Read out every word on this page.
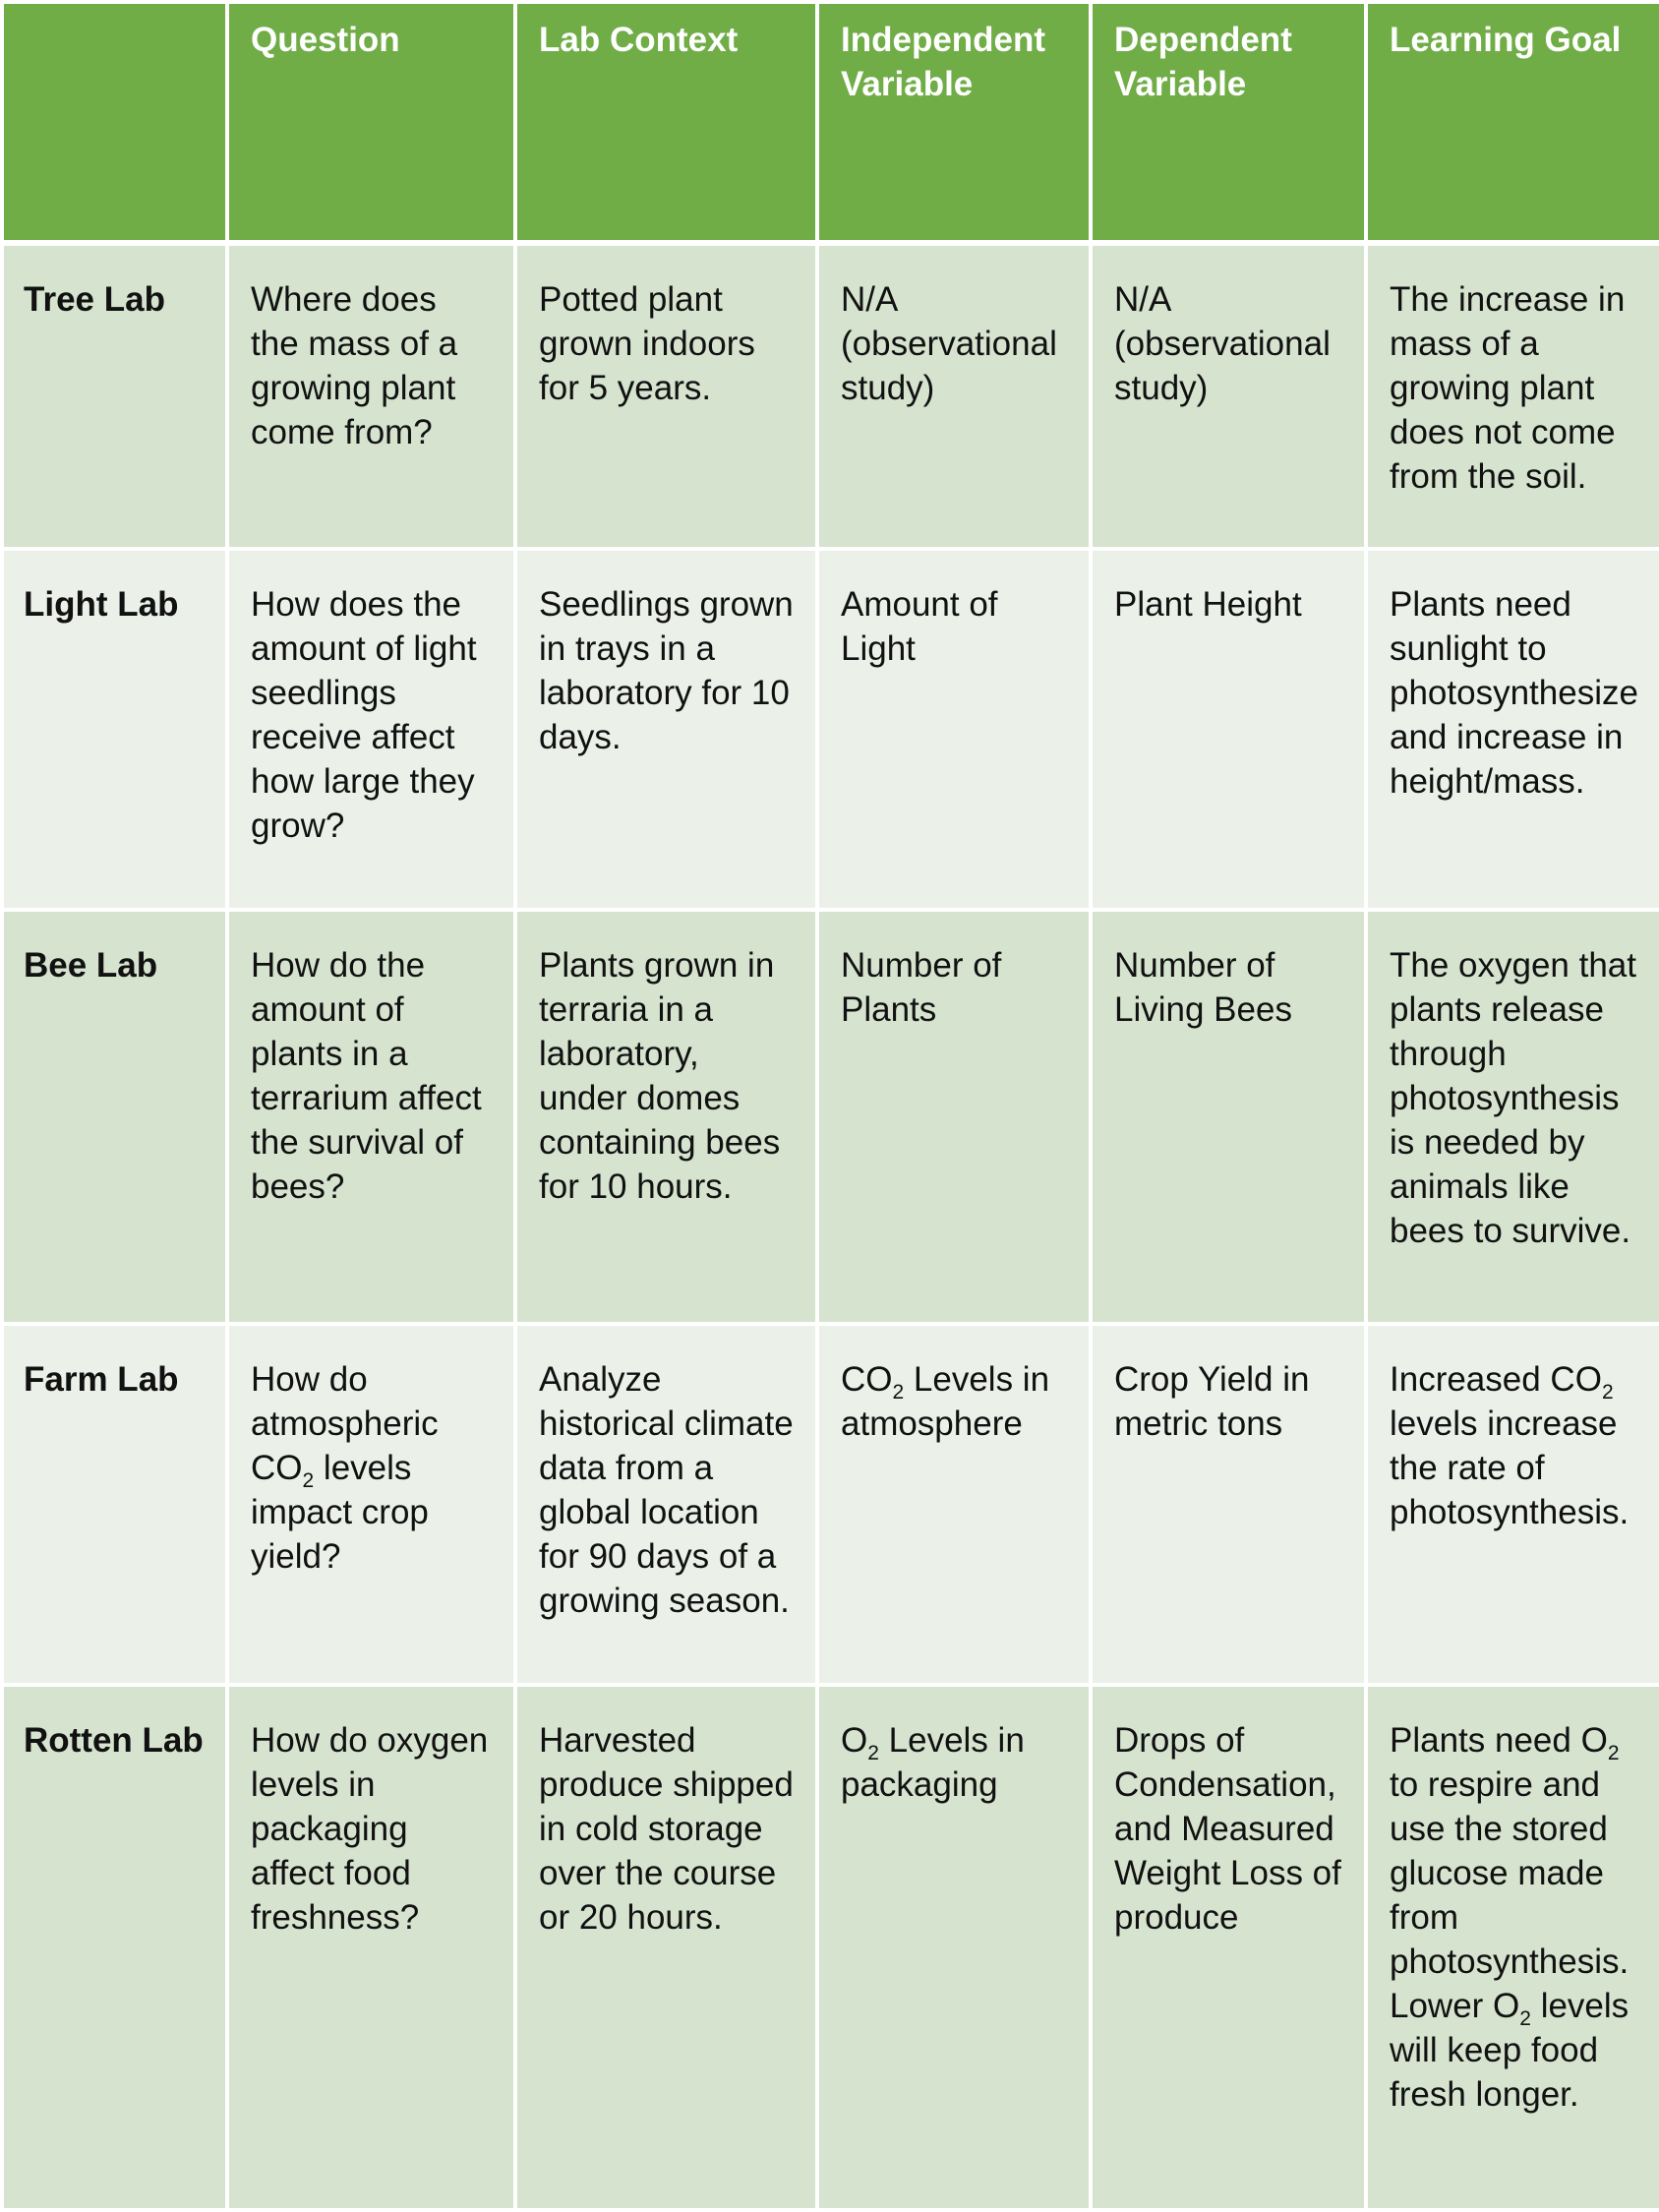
	Question	Lab Context	Independent Variable	Dependent Variable	Learning Goal
Tree Lab	Where does the mass of a growing plant come from?	Potted plant grown indoors for 5 years.	N/A (observational study)	N/A (observational study)	The increase in mass of a growing plant does not come from the soil.
Light Lab	How does the amount of light seedlings receive affect how large they grow?	Seedlings grown in trays in a laboratory for 10 days.	Amount of Light	Plant Height	Plants need sunlight to photosynthesize and increase in height/mass.
Bee Lab	How do the amount of plants in a terrarium affect the survival of bees?	Plants grown in terraria in a laboratory, under domes containing bees for 10 hours.	Number of Plants	Number of Living Bees	The oxygen that plants release through photosynthesis is needed by animals like bees to survive.
Farm Lab	How do atmospheric $CO_2$ levels impact crop yield?	Analyze historical climate data from a global location for 90 days of a growing season.	$CO_2$ Levels in atmosphere	Crop Yield in metric tons	Increased $CO_2$ levels increase the rate of photosynthesis.
Rotten Lab	How do oxygen levels in packaging affect food freshness?	Harvested produce shipped in cold storage over the course or 20 hours.	$O_2$ Levels in packaging	Drops of Condensation, and Measured Weight Loss of produce	Plants need $O_2$ to respire and use the stored glucose made from photosynthesis. Lower $O_2$ levels will keep food fresh longer.
